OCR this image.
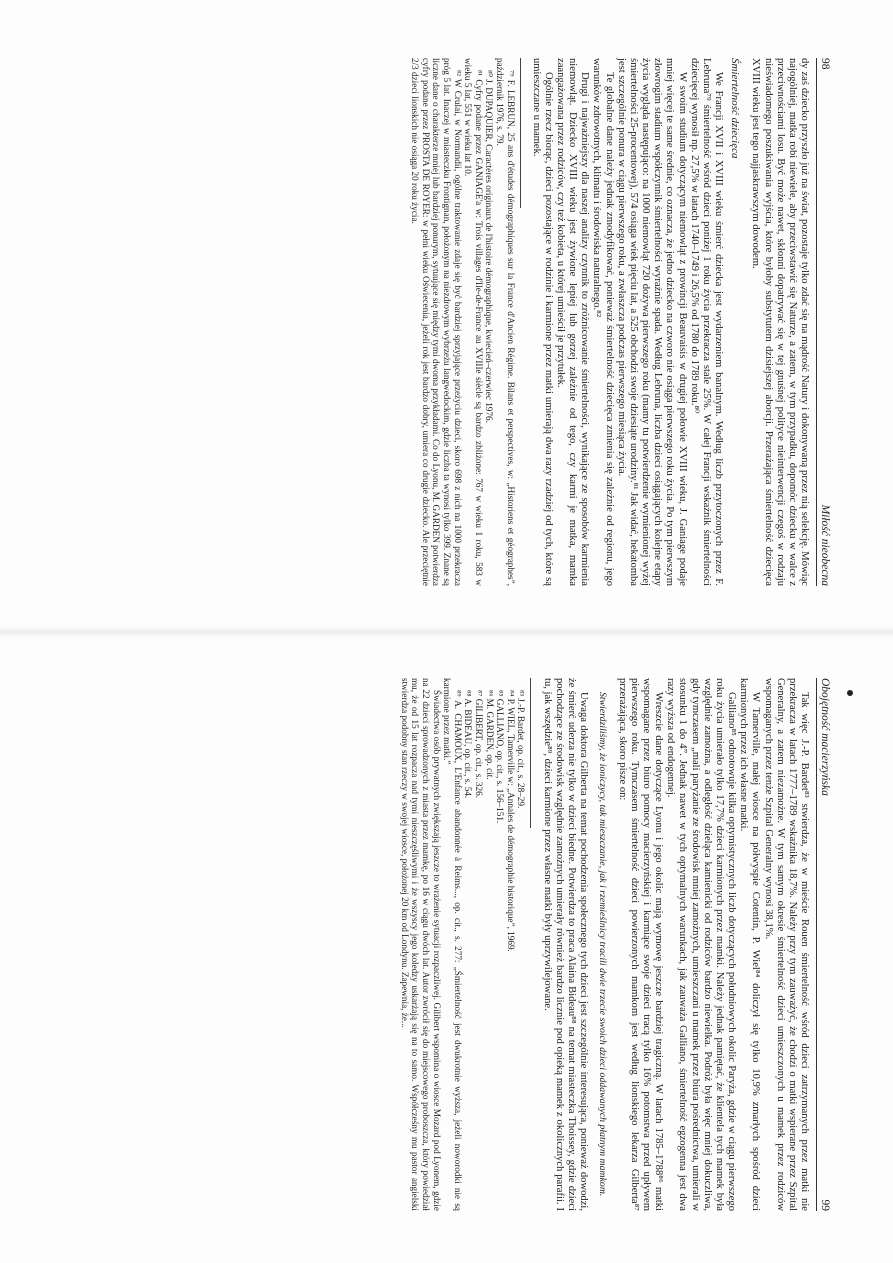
98
Miłość nieobecna

dy zaś dziecko przyszło już na świat, pozostaje tylko zdać się na mądrość Natury i dokonywaną przez nią selekcję. Mówiąc najogólniej, matka robi niewiele, aby przeciwstawić się Naturze, a zatem, w tym przypadku, dopomóc dziecku w walce z przeciwnościami losu. Być może nawet, skłonni dopatrywać się w tej gnuśnej polityce nieinterwencji czegoś w rodzaju nieświadomego poszukiwania wyjścia, które byłoby substytutem dzisiejszej aborcji. Przerażająca śmiertelność dziecięca XVIII wieku jest tego najjaskrawszym dowodem.

Śmiertelność dziecięca

We Francji XVII i XVIII wieku śmierć dziecka jest wydarzeniem banalnym. Według liczb przytoczonych przez F. Lebruna⁷⁹ śmiertelność wśród dzieci poniżej 1 roku życia przekracza stale 25%. W całej Francji wskaźnik śmiertelności dziecięcej wynosił np. 27,5% w latach 1740–1749 i 26,5% od 1780 do 1789 roku.⁸⁰

W swoim studium dotyczącym niemowląt z prowincji Beauvaisis w drugiej połowie XVIII wieku, J. Ganiage podaje mniej więcej te same średnie, co oznacza, że jedno dziecko na czworo nie osiąga pierwszego roku życia. Po tym pierwszym złowrogim stadium współczynnik śmiertelności wyraźnie spada. Według Lebruna, liczba dzieci osiągających kolejne etapy życia wygląda następująco: na 1000 niemowląt 720 dożywa pierwszego roku (mamy tu potwierdzenie wymienionej wyżej śmiertelności 25-procentowej), 574 osiąga wiek pięciu lat, a 525 obchodzi swoje dziesiąte urodziny.⁸¹ Jak widać, hekatomba jest szczególnie ponura w ciągu pierwszego roku, a zwłaszcza podczas pierwszego miesiąca życia.

Te globalne dane należy jednak zmodyfikować, ponieważ śmiertelność dziecięca zmienia się zależnie od regionu, jego warunków zdrowotnych, klimatu i środowiska naturalnego.⁸²

Drugi i najważniejszy dla naszej analizy czynnik to zróżnicowanie śmiertelności, wynikające ze sposobów karmienia niemowląt. Dziecko XVIII wieku jest żywione lepiej lub gorzej zależnie od tego, czy karmi je matka, mamka zaangażowana przez rodziców, czy też kobieta, u której umieścił je przytułek.

Ogólnie rzecz biorąc, dzieci pozostające w rodzinie i karmione przez matki umierają dwa razy rzadziej od tych, które są umieszczane u mamek.

⁷⁹ F. LEBRUN, 25 ans d'études démographiques sur la France d'Ancien Régime. Bilans et perspectives, w: „Historiens et géographes”, październik 1976, s. 79.

⁸⁰ J. DUPAQUIER, Caractères originaux de l'histoire démographique, kwiecień–czerwiec 1976.

⁸¹ Cyfry podane przez GANIAGE'a w: Trois villages d'Ile-de-France au XVIIIe siècle są bardzo zbliżone: 767 w wieku 1 roku, 583 w wieku 5 lat, 551 w wieku lat 10.

⁸² W Crulai, w Normandii, ogólne traktowanie zdaje się być bardziej sprzyjające przeżyciu dzieci, skoro 698 z nich na 1000 przekracza próg 5 lat. Inaczej w miasteczku Frontignan, położonym na niezdrowym wybrzeżu langwedockim, gdzie liczba ta wynosi tylko 399. Znane są liczne dane o charakterze mniej lub bardziej ponurym, sytuujące się między tymi dwoma przykładami. Co do Lyonu, M. GARDEN potwierdza cyfry podane przez PROSTA DE ROYER: w pełni wieku Oświecenia, jeżeli rok jest bardzo dobry, umiera co drugie dziecko. Ale przeciętnie 2/3 dzieci lionskich nie osiąga 20 roku życia.

Obojętność macierzyńska
99

Tak więc J.-P. Bardet⁸³ stwierdza, że w mieście Rouen śmiertelność wśród dzieci zatrzymanych przez matki nie przekracza w latach 1777–1789 wskaźnika 18,7%. Należy przy tym zauważyć, że chodzi o matki wspierane przez Szpital Generalny, a zatem niezamożne. W tym samym okresie śmiertelność dzieci umieszczonych u mamek przez rodziców wspomaganych przez tenże Szpital Generalny wynosi 38,1%.

W Tamerville, małej wiosce na półwyspie Cotentin, P. Wiel⁸⁴ doliczył się tylko 10,9% zmarłych spośród dzieci karmionych przez ich własne matki.

Galliano⁸⁵ odnotowuje kilka optymistycznych liczb dotyczących południowych okolic Paryża, gdzie w ciągu pierwszego roku życia umierało tylko 17,7% dzieci karmionych przez mamki. Należy jednak pamiętać, że klientela tych mamek była względnie zamożna, a odległość dzieląca kamienicki od rodziców bardzo niewielka. Podróż była więc mniej dokuczliwa, gdy tymczasem „mali paryżanie ze środowisk mniej zamożnych, umieszczani u mamek przez biura pośrednictwa, umierali w stosunku 1 do 4”. Jednak nawet w tych optymalnych warunkach, jak zauważa Galliano, śmiertelność egzogenna jest dwa razy wyższa od endogennej.

Wreszcie dane dotyczące Lyonu i jego okolic mają wymowę jeszcze bardziej tragiczną. W latach 1785–1788⁸⁶ matki wspomagane przez biuro pomocy macierzyńskiej i karmiące swoje dzieci tracą tylko 16% potomstwa przed upływem pierwszego roku. Tymczasem śmiertelność dzieci powierzonych mamkom jest według lionskiego lekarza Gilberta⁸⁷ przerażająca, skoro pisze on:

Stwierdziliśmy, że ioniczycy, tak mieszczanie, jak i rzemieślnicy tracili dwie trzecie swoich dzieci oddawanych płatnym mamkom.

Uwaga doktora Gilberta na temat pochodzenia społecznego tych dzieci jest szczególnie interesująca, ponieważ dowodzi, że śmierć uderza nie tylko w dzieci biedne. Potwierdza to praca Alaina Bideau⁸⁸ na temat miasteczka Thoissey, gdzie dzieci pochodzące ze środowisk względnie zamożnych umierały również bardzo licznie pod opieką mamek z okolicznych parafii. I tu, jak wszędzie⁸⁹, dzieci karmione przez własne matki były uprzywilejowane.

⁸³ J.-P. Bardet, op. cit., s. 28–29.

⁸⁴ P. WIEL, Tamerville w: „Annales de démographie historique”, 1969.

⁸⁵ GALLIANO, op. cit., s. 156–151.

⁸⁶ M. GARDEN, op. cit.

⁸⁷ GILIBERT, op. cit., s. 326.

⁸⁸ A. BIDEAU, op. cit., s. 54.

⁸⁹ A. CHAMOUX, L'Enfance abandonnée à Reims..., op. cit., s. 277: „Śmiertelność jest dwukrotnie wyższa, jeżeli noworodki nie są karmione przez matki.”

Świadectwa osób prywatnych zwiększają jeszcze to wrażenie sytuacji rozpaczliwej. Gilibert wspomina o wiosce Mozard pod Lyonem, gdzie na 22 dzieci sprowadzonych z miasta przez mamkę, po 16 w ciągu dwóch lat. Autor zwrócił się do miejscowego proboszcza, który powiedział mu, że od 15 lat rozpacza nad tymi nieszczęśliwymi i że wszyscy jego koledzy uskarżają się na to samo. Współcześny mu pastor angielski stwierdza podobny stan rzeczy w swojej wiosce, położonej 20 km od Londynu. Zapewnia, że...
